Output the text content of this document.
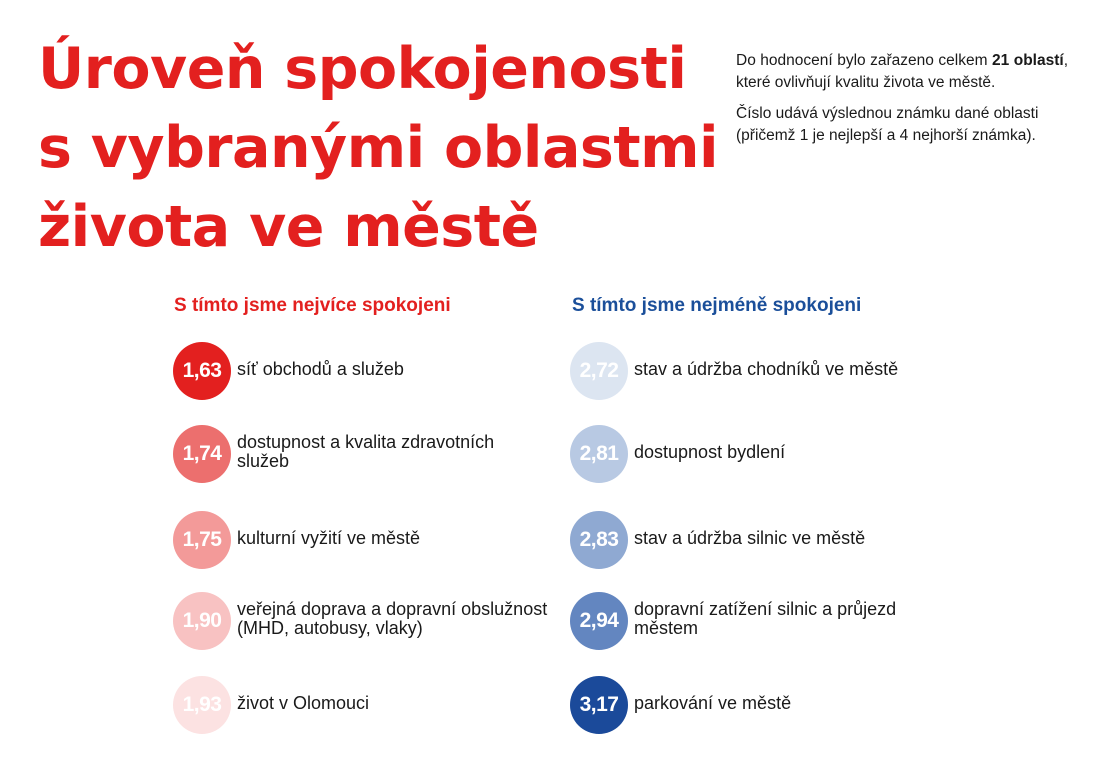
Úroveň spokojenosti
s vybranými oblastmi
života ve městě

Do hodnocení bylo zařazeno celkem 21 oblastí, které ovlivňují kvalitu života ve městě.

Číslo udává výslednou známku dané oblasti (přičemž 1 je nejlepší a 4 nejhorší známka).

S tímto jsme nejvíce spokojeni	S tímto jsme nejméně spokojeni
1,63 síť obchodů a služeb
1,74 dostupnost a kvalita zdravotních služeb
1,75 kulturní vyžití ve městě
1,90 veřejná doprava a dopravní obslužnost (MHD, autobusy, vlaky)
1,93 život v Olomouci
2,72 stav a údržba chodníků ve městě
2,81 dostupnost bydlení
2,83 stav a údržba silnic ve městě
2,94 dopravní zatížení silnic a průjezd městem
3,17 parkování ve městě
